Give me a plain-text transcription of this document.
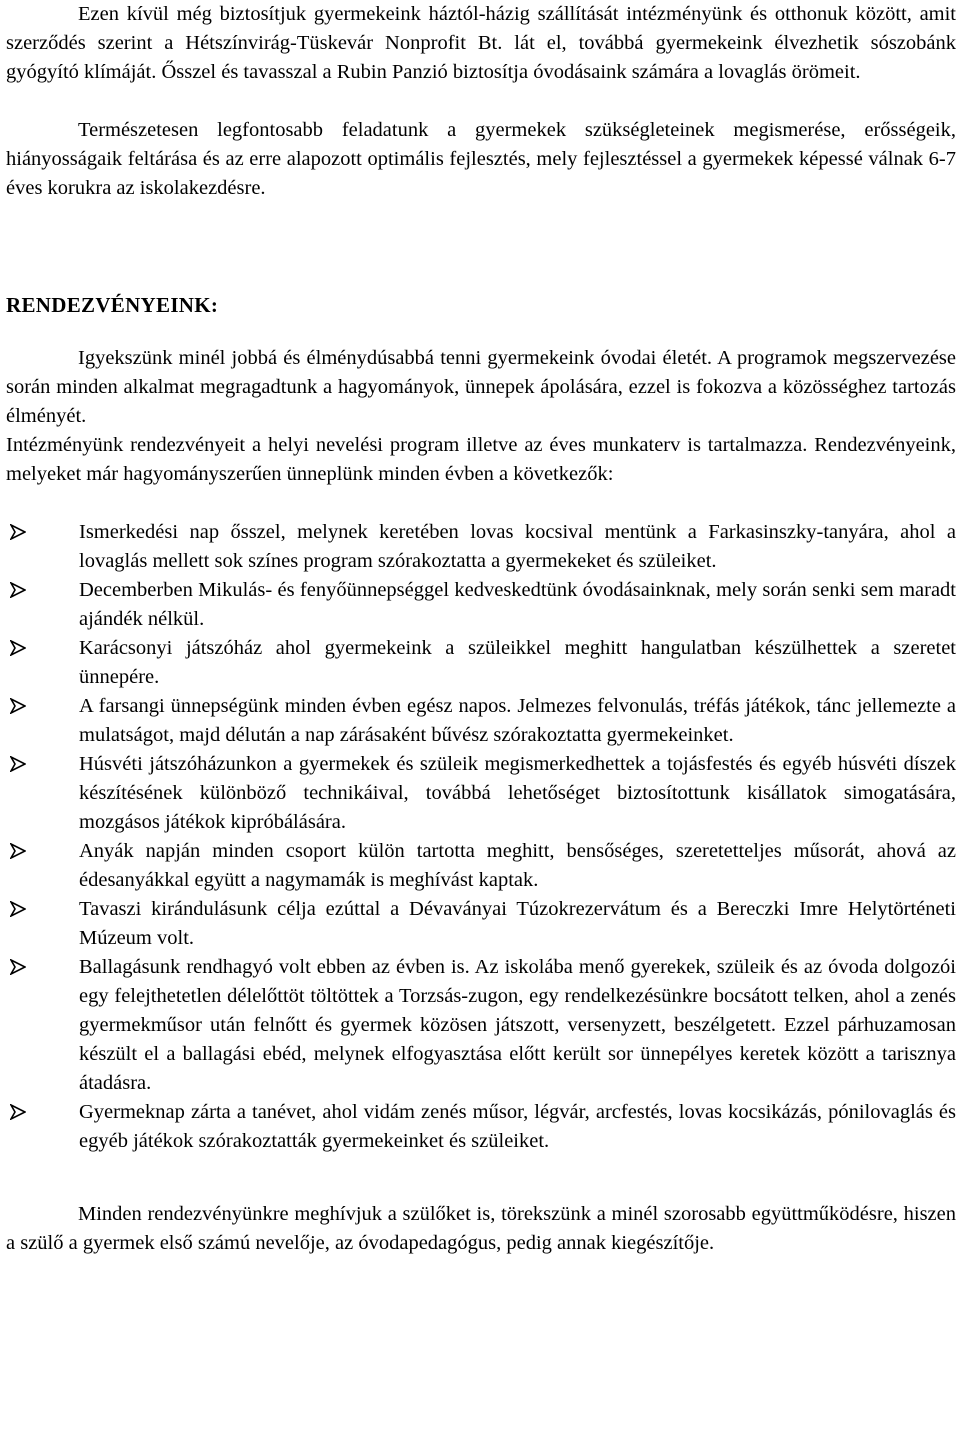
Ezen kívül még biztosítjuk gyermekeink háztól-házig szállítását intézményünk és otthonuk között, amit szerződés szerint a Hétszínvirág-Tüskevár Nonprofit Bt. lát el, továbbá gyermekeink élvezhetik sószobánk gyógyító klímáját. Ősszel és tavasszal a Rubin Panzió biztosítja óvodásaink számára a lovaglás örömeit.

Természetesen legfontosabb feladatunk a gyermekek szükségleteinek megismerése, erősségeik, hiányosságaik feltárása és az erre alapozott optimális fejlesztés, mely fejlesztéssel a gyermekek képessé válnak 6-7 éves korukra az iskolakezdésre.

RENDEZVÉNYEINK:

Igyekszünk minél jobbá és élménydúsabbá tenni gyermekeink óvodai életét. A programok megszervezése során minden alkalmat megragadtunk a hagyományok, ünnepek ápolására, ezzel is fokozva a közösséghez tartozás élményét.

Intézményünk rendezvényeit a helyi nevelési program illetve az éves munkaterv is tartalmazza. Rendezvényeink, melyeket már hagyományszerűen ünneplünk minden évben a következők:

Ismerkedési nap ősszel, melynek keretében lovas kocsival mentünk a Farkasinszky-tanyára, ahol a lovaglás mellett sok színes program szórakoztatta a gyermekeket és szüleiket.
Decemberben Mikulás- és fenyőünnepséggel kedveskedtünk óvodásainknak, mely során senki sem maradt ajándék nélkül.
Karácsonyi játszóház ahol gyermekeink a szüleikkel meghitt hangulatban készülhettek a szeretet ünnepére.
A farsangi ünnepségünk minden évben egész napos. Jelmezes felvonulás, tréfás játékok, tánc jellemezte a mulatságot, majd délután a nap zárásaként bűvész szórakoztatta gyermekeinket.
Húsvéti játszóházunkon a gyermekek és szüleik megismerkedhettek a tojásfestés és egyéb húsvéti díszek készítésének különböző technikáival, továbbá lehetőséget biztosítottunk kisállatok simogatására, mozgásos játékok kipróbálására.
Anyák napján minden csoport külön tartotta meghitt, bensőséges, szeretetteljes műsorát, ahová az édesanyákkal együtt a nagymamák is meghívást kaptak.
Tavaszi kirándulásunk célja ezúttal a Dévaványai Túzokrezervátum és a Bereczki Imre Helytörténeti Múzeum volt.
Ballagásunk rendhagyó volt ebben az évben is. Az iskolába menő gyerekek, szüleik és az óvoda dolgozói egy felejthetetlen délelőttöt töltöttek a Torzsás-zugon, egy rendelkezésünkre bocsátott telken, ahol a zenés gyermekműsor után felnőtt és gyermek közösen játszott, versenyzett, beszélgetett. Ezzel párhuzamosan készült el a ballagási ebéd, melynek elfogyasztása előtt került sor ünnepélyes keretek között a tarisznya átadásra.
Gyermeknap zárta a tanévet, ahol vidám zenés műsor, légvár, arcfestés, lovas kocsikázás, pónilovaglás és egyéb játékok szórakoztatták gyermekeinket és szüleiket.

Minden rendezvényünkre meghívjuk a szülőket is, törekszünk a minél szorosabb együttműködésre, hiszen a szülő a gyermek első számú nevelője, az óvodapedagógus, pedig annak kiegészítője.
